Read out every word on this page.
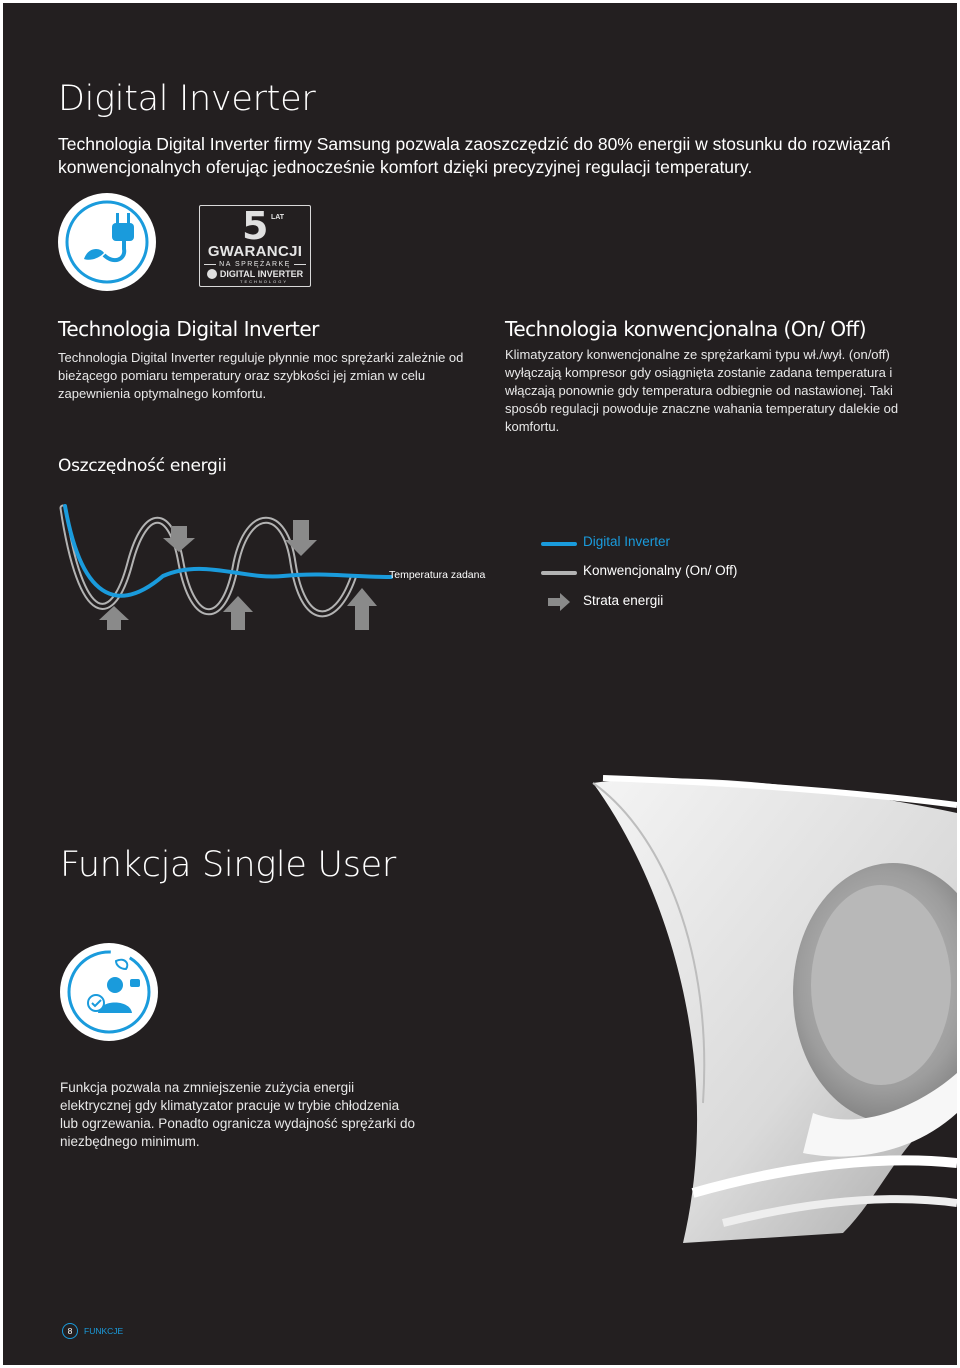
Digital Inverter
Technologia Digital Inverter firmy Samsung pozwala zaoszczędzić do 80% energii w stosunku do rozwiązań konwencjonalnych oferując jednocześnie komfort dzięki precyzyjnej regulacji temperatury.
5 LAT
GWARANCJI
NA SPRĘŻARKĘ
DIGITAL INVERTER
TECHNOLOGY
Technologia Digital Inverter
Technologia Digital Inverter reguluje płynnie moc sprężarki zależnie od bieżącego pomiaru temperatury oraz szybkości jej zmian w celu zapewnienia optymalnego komfortu.
Technologia konwencjonalna (On/ Off)
Klimatyzatory konwencjonalne ze sprężarkami typu wł./wył. (on/off) wyłączają kompresor gdy osiągnięta zostanie zadana temperatura i włączają ponownie gdy temperatura odbiegnie od nastawionej. Taki sposób regulacji powoduje znaczne wahania temperatury dalekie od komfortu.
Oszczędność energii
Temperatura zadana
Digital Inverter
Konwencjonalny (On/ Off)
Strata energii
Funkcja Single User
Funkcja pozwala na zmniejszenie zużycia energii elektrycznej gdy klimatyzator pracuje w trybie chłodzenia lub ogrzewania. Ponadto ogranicza wydajność sprężarki do niezbędnego minimum.
8	FUNKCJE
